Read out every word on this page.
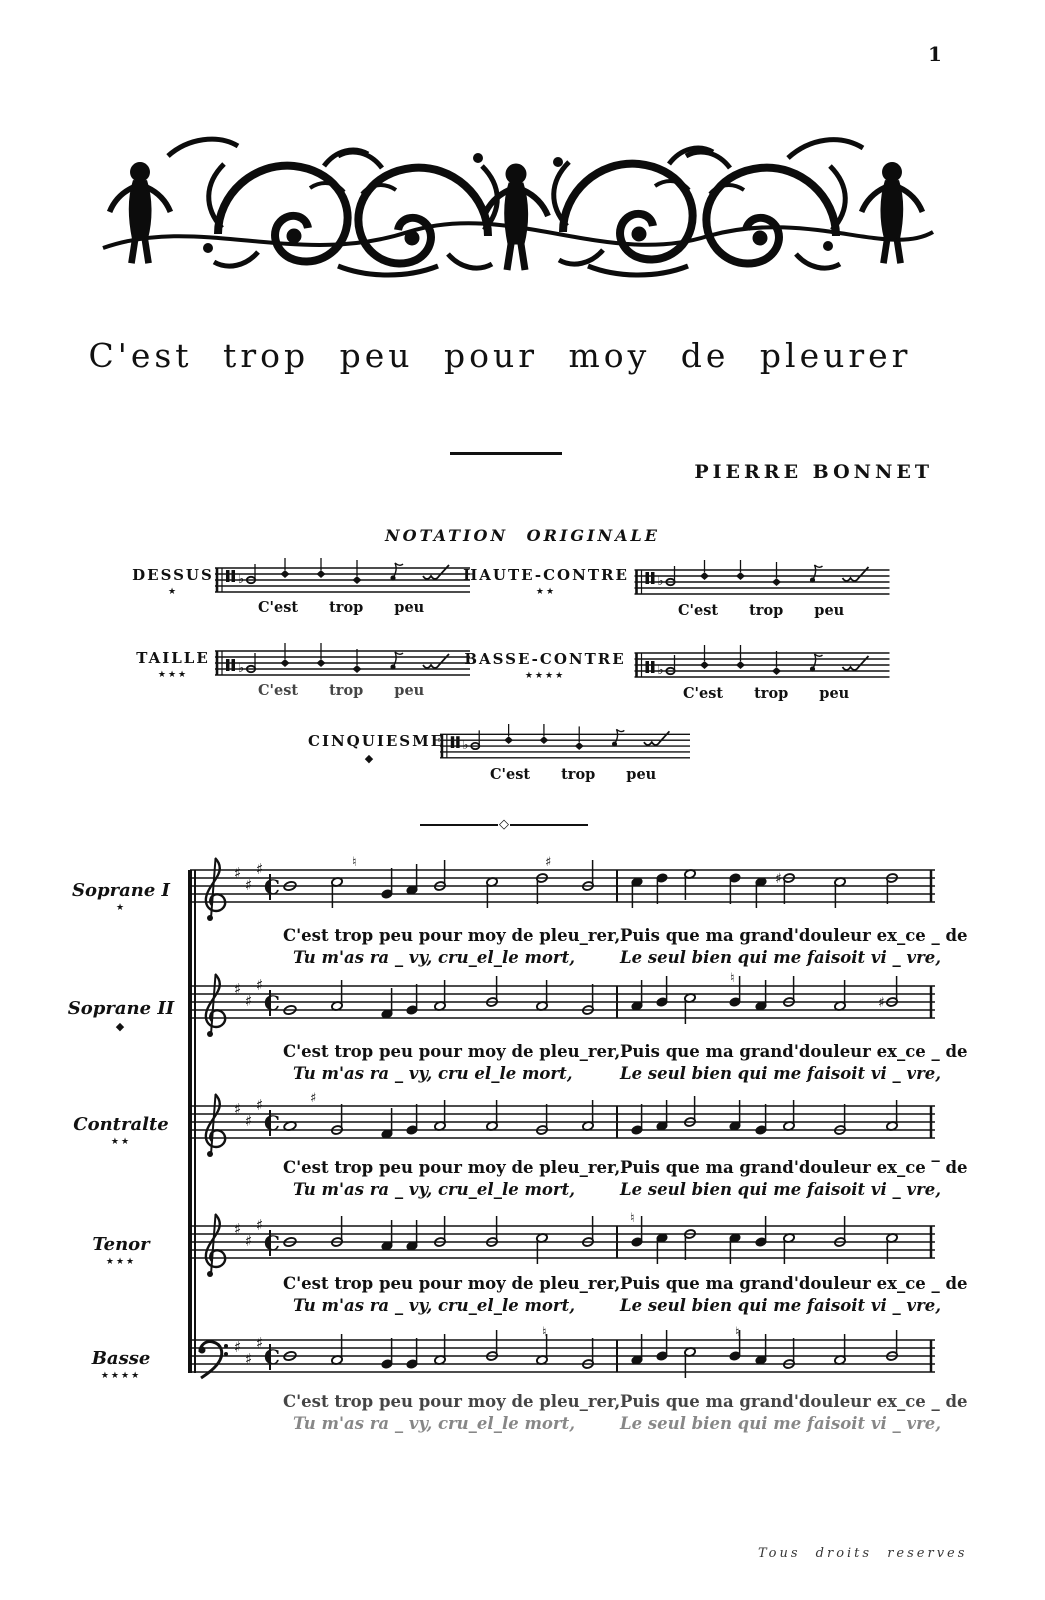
1
C'est trop peu pour moy de pleurer
PIERRE BONNET
NOTATION ORIGINALE
DESSUS
★
♭
C'est trop peu
HAUTE-CONTRE
★★
♭
C'est trop peu
TAILLE
★★★	♭
C'est trop peu
BASSE-CONTRE
★★★★	♭
C'est trop peu
CINQUIESME
◆
♭
C'est trop peu
◇
Soprane I
★
♯
♯
♯
C
♮	♯
♯
C'est trop peu pour moy de pleu_rer, Puis que ma grand'douleur ex_ce _ de
Tu m'as ra _ vy, cru_el_le mort,	Le seul bien qui me faisoit vi _ vre,
Soprane II
◆
♯
♯
♯
C
♮
♯
C'est trop peu pour moy de pleu_rer, Puis que ma grand'douleur ex_ce _ de
Tu m'as ra _ vy, cru el_le mort,	Le seul bien qui me faisoit vi _ vre,
Contralte
★★
♯
♯
♯
C
♯
C'est trop peu pour moy de pleu_rer, Puis que ma grand'douleur ex_ce ‾ de
Tu m'as ra _ vy, cru_el_le mort,	Le seul bien qui me faisoit vi _ vre,
Tenor
★★★
♯
♯
♯
C
♮
C'est trop peu pour moy de pleu_rer, Puis que ma grand'douleur ex_ce _ de
Tu m'as ra _ vy, cru_el_le mort,	Le seul bien qui me faisoit vi _ vre,
Basse
★★★★
♯
♯
♯
C
♮	♮
C'est trop peu pour moy de pleu_rer, Puis que ma grand'douleur ex_ce _ de
Tu m'as ra _ vy, cru_el_le mort,	Le seul bien qui me faisoit vi _ vre,
Tous droits reserves
